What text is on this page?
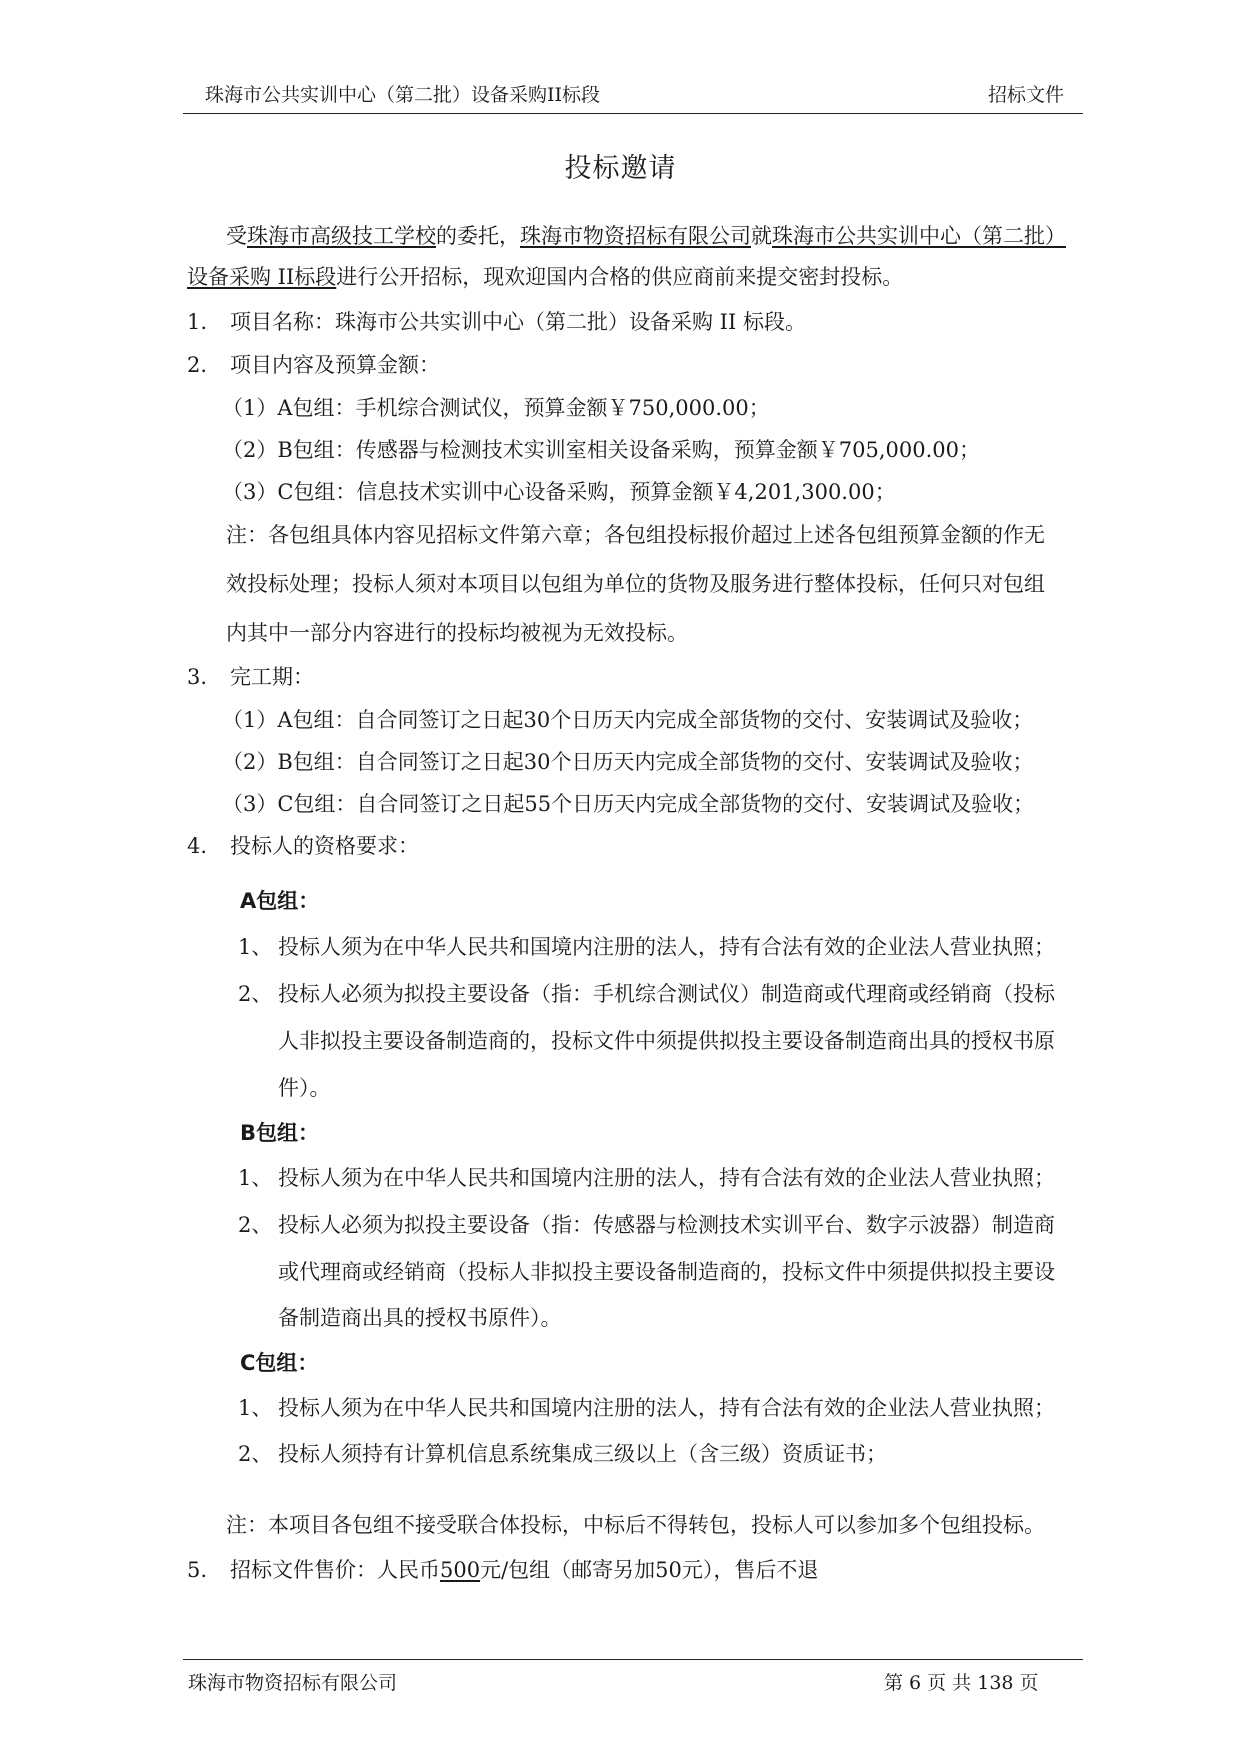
珠海市公共实训中心（第二批）设备采购II标段	招标文件
投标邀请
受珠海市高级技工学校的委托，珠海市物资招标有限公司就珠海市公共实训中心（第二批）
设备采购 II标段进行公开招标，现欢迎国内合格的供应商前来提交密封投标。
1. 项目名称：珠海市公共实训中心（第二批）设备采购 II 标段。
2. 项目内容及预算金额：
（1）A包组：手机综合测试仪，预算金额￥750,000.00；
（2）B包组：传感器与检测技术实训室相关设备采购，预算金额￥705,000.00；
（3）C包组：信息技术实训中心设备采购，预算金额￥4,201,300.00；
注：各包组具体内容见招标文件第六章；各包组投标报价超过上述各包组预算金额的作无
效投标处理；投标人须对本项目以包组为单位的货物及服务进行整体投标，任何只对包组
内其中一部分内容进行的投标均被视为无效投标。
3. 完工期：
（1）A包组：自合同签订之日起30个日历天内完成全部货物的交付、安装调试及验收；
（2）B包组：自合同签订之日起30个日历天内完成全部货物的交付、安装调试及验收；
（3）C包组：自合同签订之日起55个日历天内完成全部货物的交付、安装调试及验收；
4. 投标人的资格要求：
A包组：
1、 投标人须为在中华人民共和国境内注册的法人，持有合法有效的企业法人营业执照；
2、 投标人必须为拟投主要设备（指：手机综合测试仪）制造商或代理商或经销商（投标
人非拟投主要设备制造商的，投标文件中须提供拟投主要设备制造商出具的授权书原
件）。
B包组：
1、 投标人须为在中华人民共和国境内注册的法人，持有合法有效的企业法人营业执照；
2、 投标人必须为拟投主要设备（指：传感器与检测技术实训平台、数字示波器）制造商
或代理商或经销商（投标人非拟投主要设备制造商的，投标文件中须提供拟投主要设
备制造商出具的授权书原件）。
C包组：
1、 投标人须为在中华人民共和国境内注册的法人，持有合法有效的企业法人营业执照；
2、 投标人须持有计算机信息系统集成三级以上（含三级）资质证书；
注：本项目各包组不接受联合体投标，中标后不得转包，投标人可以参加多个包组投标。
5. 招标文件售价：人民币500元/包组（邮寄另加50元），售后不退
珠海市物资招标有限公司	第 6 页 共 138 页
